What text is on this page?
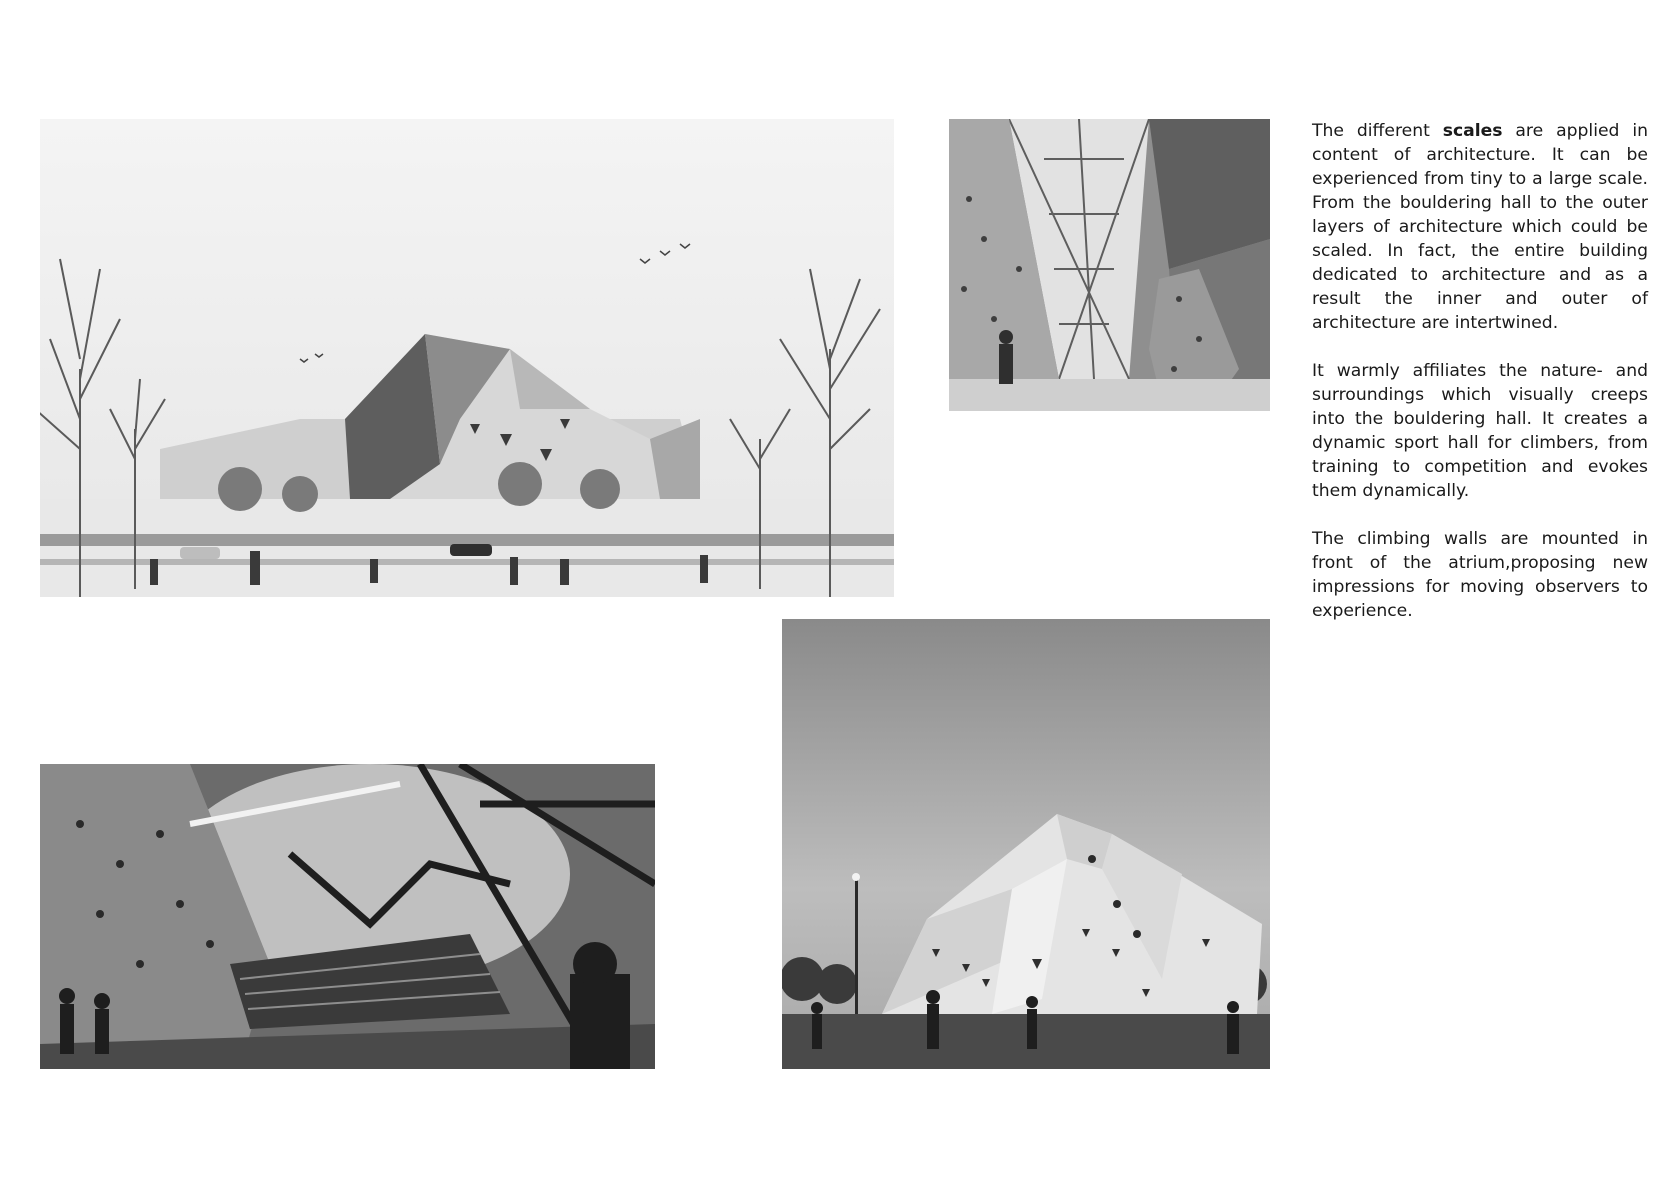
The different scales are applied in content of architecture. It can be experienced from tiny to a large scale. From the bouldering hall to the outer layers of architecture which could be scaled. In fact, the entire building dedicated to architecture and as a result the inner and outer of architecture are intertwined.

It warmly affiliates the nature- and surroundings which visually creeps into the bouldering hall. It creates a dynamic sport hall for climbers, from training to competition and evokes them dynamically.

The climbing walls are mounted in front of the atrium,proposing new impressions for moving observers to experience.
